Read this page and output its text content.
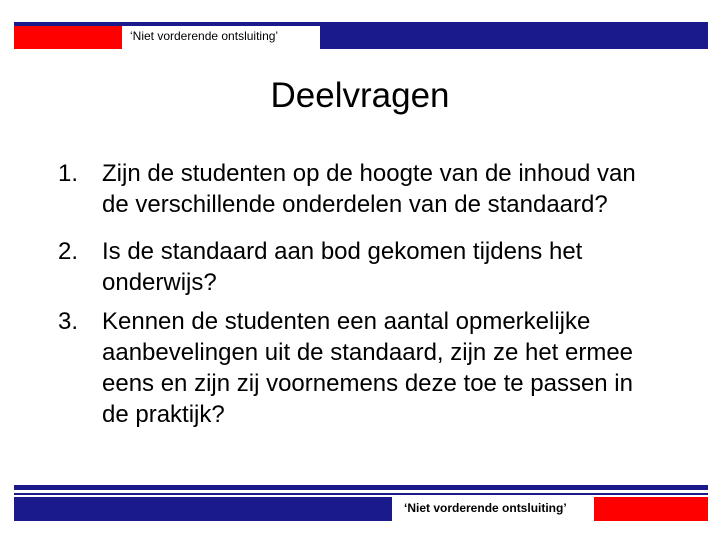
‘Niet vorderende ontsluiting’
Deelvragen
1. Zijn de studenten op de hoogte van de inhoud van de verschillende onderdelen van de standaard?
2. Is de standaard aan bod gekomen tijdens het onderwijs?
3. Kennen de studenten een aantal opmerkelijke aanbevelingen uit de standaard, zijn ze het ermee eens en zijn zij voornemens deze toe te passen in de praktijk?
‘Niet vorderende ontsluiting’
